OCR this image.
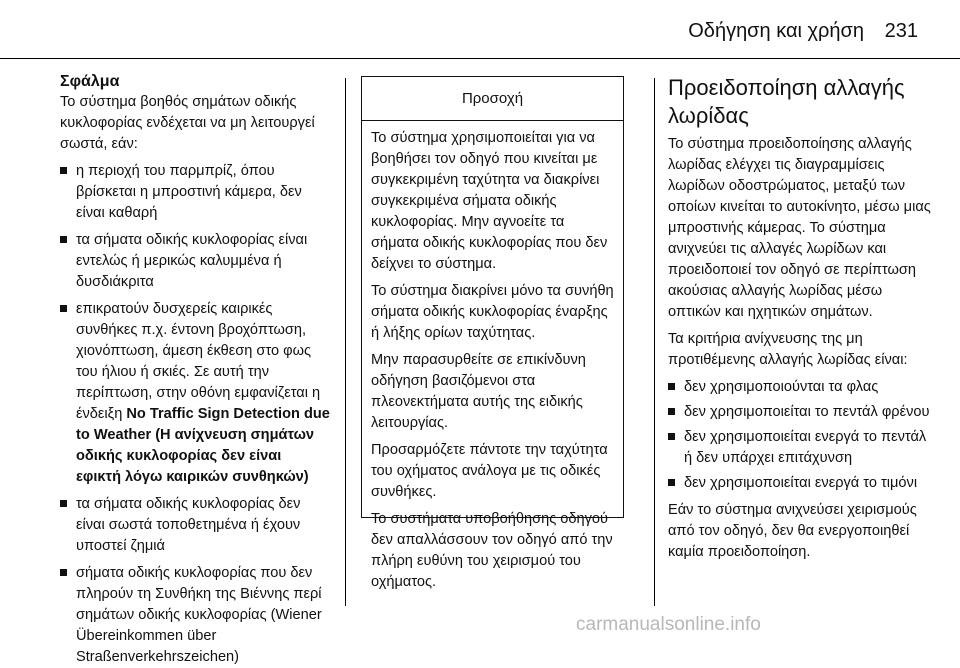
Οδήγηση και χρήση 231
Σφάλμα

Το σύστημα βοηθός σημάτων οδικής κυκλοφορίας ενδέχεται να μη λειτουργεί σωστά, εάν:

η περιοχή του παρμπρίζ, όπου βρίσκεται η μπροστινή κάμερα, δεν είναι καθαρή
τα σήματα οδικής κυκλοφορίας είναι εντελώς ή μερικώς καλυμμένα ή δυσδιάκριτα
επικρατούν δυσχερείς καιρικές συνθήκες π.χ. έντονη βροχόπτωση, χιονόπτωση, άμεση έκθεση στο φως του ήλιου ή σκιές. Σε αυτή την περίπτωση, στην οθόνη εμφανίζεται η ένδειξη No Traffic Sign Detection due to Weather (Η ανίχνευση σημάτων οδικής κυκλοφορίας δεν είναι εφικτή λόγω καιρικών συνθηκών)
τα σήματα οδικής κυκλοφορίας δεν είναι σωστά τοποθετημένα ή έχουν υποστεί ζημιά
σήματα οδικής κυκλοφορίας που δεν πληρούν τη Συνθήκη της Βιέννης περί σημάτων οδικής κυκλοφορίας (Wiener Übereinkommen über Straßenverkehrszeichen)
Προσοχή

Το σύστημα χρησιμοποιείται για να βοηθήσει τον οδηγό που κινείται με συγκεκριμένη ταχύτητα να διακρίνει συγκεκριμένα σήματα οδικής κυκλοφορίας. Μην αγνοείτε τα σήματα οδικής κυκλοφορίας που δεν δείχνει το σύστημα.

Το σύστημα διακρίνει μόνο τα συνήθη σήματα οδικής κυκλοφορίας έναρξης ή λήξης ορίων ταχύτητας.

Μην παρασυρθείτε σε επικίνδυνη οδήγηση βασιζόμενοι στα πλεονεκτήματα αυτής της ειδικής λειτουργίας.

Προσαρμόζετε πάντοτε την ταχύτητα του οχήματος ανάλογα με τις οδικές συνθήκες.

Το συστήματα υποβοήθησης οδηγού δεν απαλλάσσουν τον οδηγό από την πλήρη ευθύνη του χειρισμού του οχήματος.

Προειδοποίηση αλλαγής λωρίδας

Το σύστημα προειδοποίησης αλλαγής λωρίδας ελέγχει τις διαγραμμίσεις λωρίδων οδοστρώματος, μεταξύ των οποίων κινείται το αυτοκίνητο, μέσω μιας μπροστινής κάμερας. Το σύστημα ανιχνεύει τις αλλαγές λωρίδων και προειδοποιεί τον οδηγό σε περίπτωση ακούσιας αλλαγής λωρίδας μέσω οπτικών και ηχητικών σημάτων.

Τα κριτήρια ανίχνευσης της μη προτιθέμενης αλλαγής λωρίδας είναι:

δεν χρησιμοποιούνται τα φλας
δεν χρησιμοποιείται το πεντάλ φρένου
δεν χρησιμοποιείται ενεργά το πεντάλ ή δεν υπάρχει επιτάχυνση
δεν χρησιμοποιείται ενεργά το τιμόνι

Εάν το σύστημα ανιχνεύσει χειρισμούς από τον οδηγό, δεν θα ενεργοποιηθεί καμία προειδοποίηση.

carmanualsonline.info
